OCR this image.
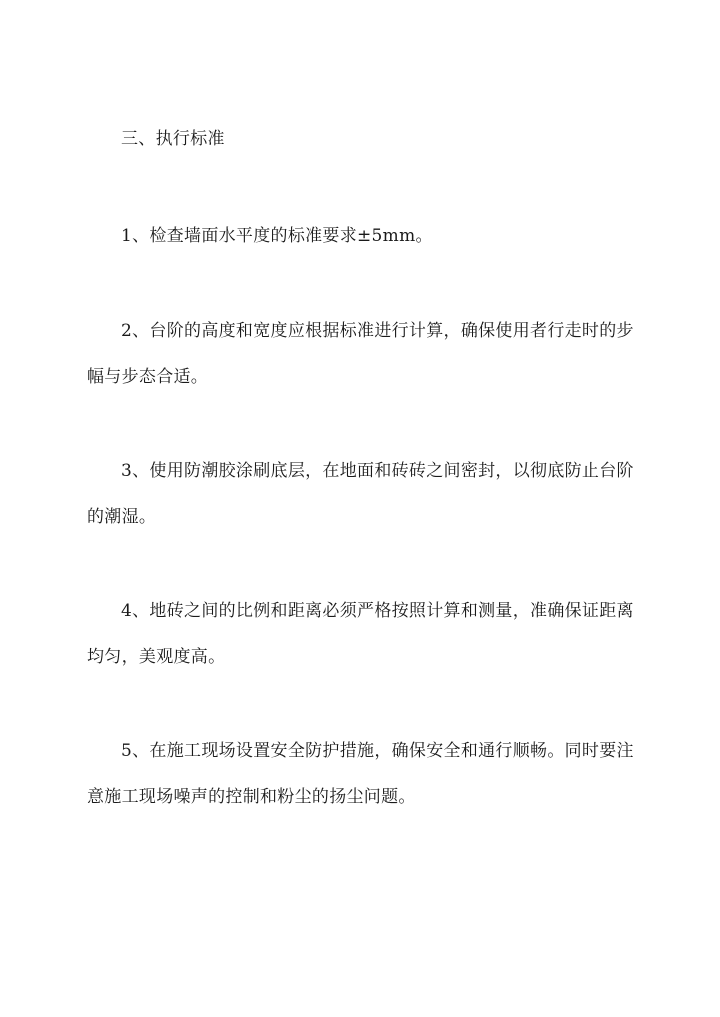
三、执行标准
1、检查墙面水平度的标准要求±5mm。
2、台阶的高度和宽度应根据标准进行计算，确保使用者行走时的步
幅与步态合适。
3、使用防潮胶涂刷底层，在地面和砖砖之间密封，以彻底防止台阶
的潮湿。
4、地砖之间的比例和距离必须严格按照计算和测量，准确保证距离
均匀，美观度高。
5、在施工现场设置安全防护措施，确保安全和通行顺畅。同时要注
意施工现场噪声的控制和粉尘的扬尘问题。
